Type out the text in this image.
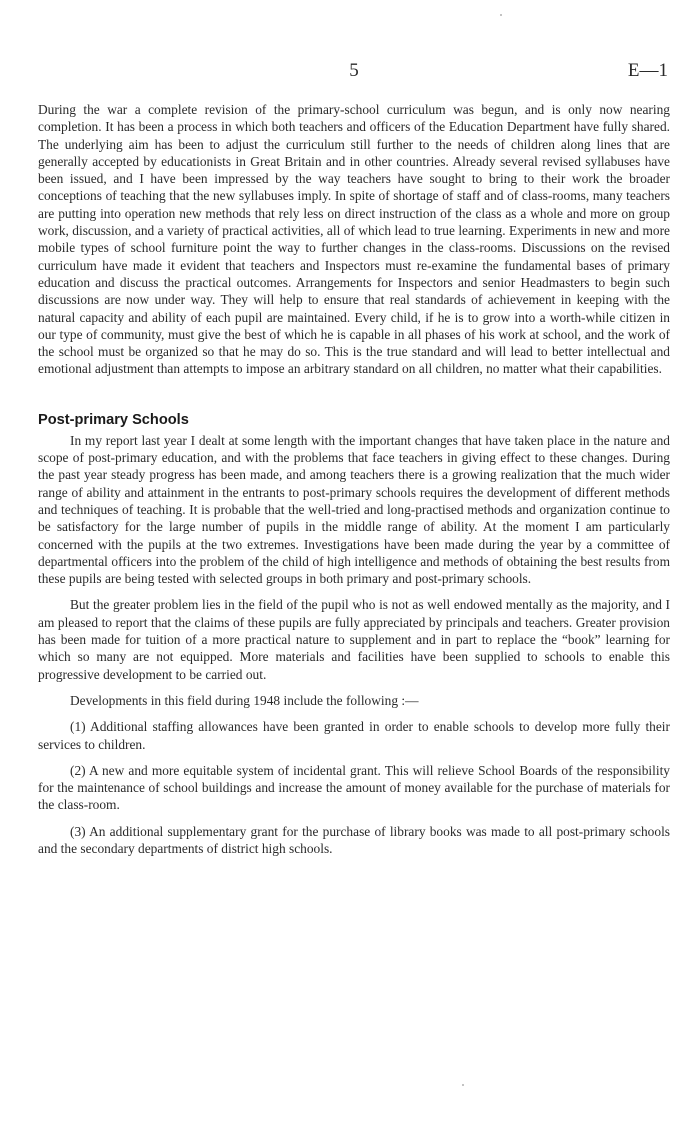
5	E—1

During the war a complete revision of the primary-school curriculum was begun, and is only now nearing completion. It has been a process in which both teachers and officers of the Education Department have fully shared. The underlying aim has been to adjust the curriculum still further to the needs of children along lines that are generally accepted by educationists in Great Britain and in other countries. Already several revised syllabuses have been issued, and I have been impressed by the way teachers have sought to bring to their work the broader conceptions of teaching that the new syllabuses imply. In spite of shortage of staff and of class-rooms, many teachers are putting into operation new methods that rely less on direct instruction of the class as a whole and more on group work, discussion, and a variety of practical activities, all of which lead to true learning. Experiments in new and more mobile types of school furniture point the way to further changes in the class-rooms. Discussions on the revised curriculum have made it evident that teachers and Inspectors must re-examine the fundamental bases of primary education and discuss the practical outcomes. Arrangements for Inspectors and senior Headmasters to begin such discussions are now under way. They will help to ensure that real standards of achievement in keeping with the natural capacity and ability of each pupil are maintained. Every child, if he is to grow into a worth-while citizen in our type of community, must give the best of which he is capable in all phases of his work at school, and the work of the school must be organized so that he may do so. This is the true standard and will lead to better intellectual and emotional adjustment than attempts to impose an arbitrary standard on all children, no matter what their capabilities.

Post-primary Schools

In my report last year I dealt at some length with the important changes that have taken place in the nature and scope of post-primary education, and with the problems that face teachers in giving effect to these changes. During the past year steady progress has been made, and among teachers there is a growing realization that the much wider range of ability and attainment in the entrants to post-primary schools requires the development of different methods and techniques of teaching. It is probable that the well-tried and long-practised methods and organization continue to be satisfactory for the large number of pupils in the middle range of ability. At the moment I am particularly concerned with the pupils at the two extremes. Investigations have been made during the year by a committee of departmental officers into the problem of the child of high intelligence and methods of obtaining the best results from these pupils are being tested with selected groups in both primary and post-primary schools.

But the greater problem lies in the field of the pupil who is not as well endowed mentally as the majority, and I am pleased to report that the claims of these pupils are fully appreciated by principals and teachers. Greater provision has been made for tuition of a more practical nature to supplement and in part to replace the “book” learning for which so many are not equipped. More materials and facilities have been supplied to schools to enable this progressive development to be carried out.

Developments in this field during 1948 include the following :—

(1) Additional staffing allowances have been granted in order to enable schools to develop more fully their services to children.

(2) A new and more equitable system of incidental grant. This will relieve School Boards of the responsibility for the maintenance of school buildings and increase the amount of money available for the purchase of materials for the class-room.

(3) An additional supplementary grant for the purchase of library books was made to all post-primary schools and the secondary departments of district high schools.
